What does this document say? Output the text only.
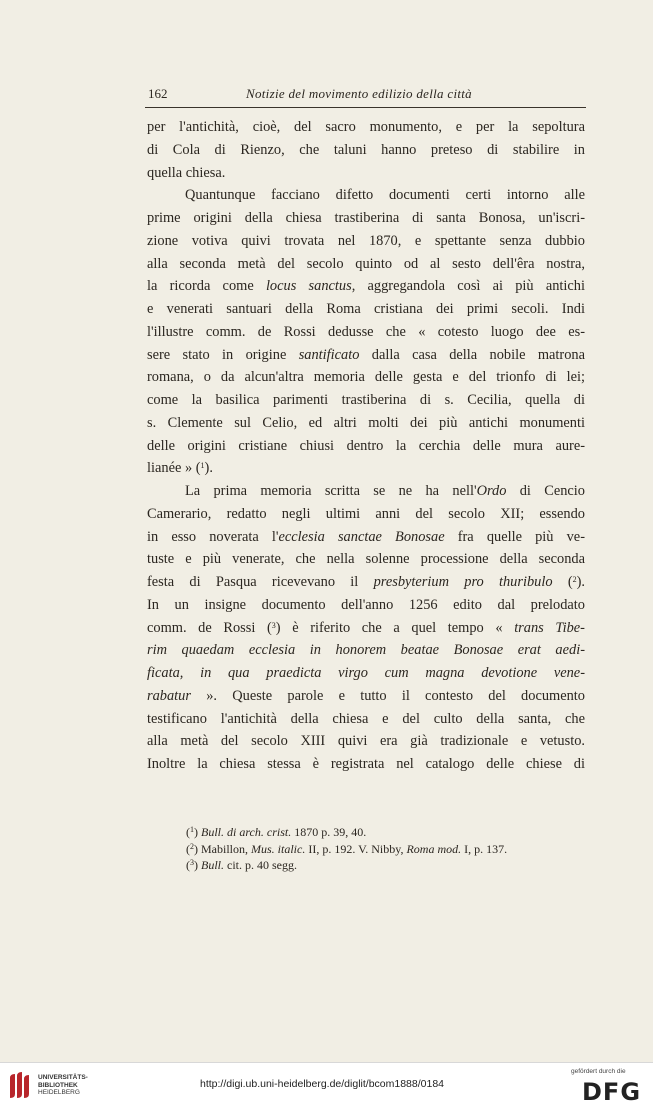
162	Notizie del movimento edilizio della città
per l'antichità, cioè, del sacro monumento, e per la sepoltura
di Cola di Rienzo, che taluni hanno preteso di stabilire in
quella chiesa.
Quantunque facciano difetto documenti certi intorno alle
prime origini della chiesa trastiberina di santa Bonosa, un'iscri-
zione votiva quivi trovata nel 1870, e spettante senza dubbio
alla seconda metà del secolo quinto od al sesto dell'êra nostra,
la ricorda come locus sanctus, aggregandola così ai più antichi
e venerati santuari della Roma cristiana dei primi secoli. Indi
l'illustre comm. de Rossi dedusse che « cotesto luogo dee es-
sere stato in origine santificato dalla casa della nobile matrona
romana, o da alcun'altra memoria delle gesta e del trionfo di lei;
come la basilica parimenti trastiberina di s. Cecilia, quella di
s. Clemente sul Celio, ed altri molti dei più antichi monumenti
delle origini cristiane chiusi dentro la cerchia delle mura aure-
lianée » ($^1$).
La prima memoria scritta se ne ha nell'Ordo di Cencio
Camerario, redatto negli ultimi anni del secolo XII; essendo
in esso noverata l'ecclesia sanctae Bonosae fra quelle più ve-
tuste e più venerate, che nella solenne processione della seconda
festa di Pasqua ricevevano il presbyterium pro thuribulo ($^2$).
In un insigne documento dell'anno 1256 edito dal prelodato
comm. de Rossi ($^3$) è riferito che a quel tempo « trans Tibe-
rim quaedam ecclesia in honorem beatae Bonosae erat aedi-
ficata, in qua praedicta virgo cum magna devotione vene-
rabatur ». Queste parole e tutto il contesto del documento
testificano l'antichità della chiesa e del culto della santa, che
alla metà del secolo XIII quivi era già tradizionale e vetusto.
Inoltre la chiesa stessa è registrata nel catalogo delle chiese di
($^1$) Bull. di arch. crist. 1870 p. 39, 40.
($^2$) Mabillon, Mus. italic. II, p. 192. V. Nibby, Roma mod. I, p. 137.
($^3$) Bull. cit. p. 40 segg.
UNIVERSITÄTS-
BIBLIOTHEK
HEIDELBERG
http://digi.ub.uni-heidelberg.de/diglit/bcom1888/0184
gefördert durch die
DFG
